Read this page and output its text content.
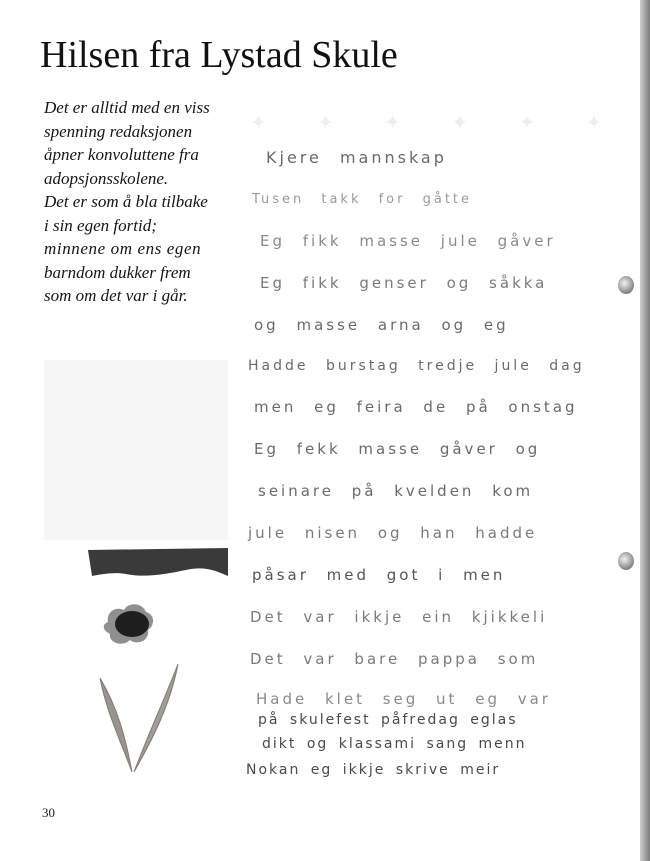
✦ ✦ ✦ ✦ ✦ ✦
Hilsen fra Lystad Skule
Det er alltid med en viss
spenning redaksjonen
åpner konvoluttene fra
adopsjonsskolene.
Det er som å bla tilbake
i sin egen fortid;
minnene om ens egen
barndom dukker frem
som om det var i går.
Kjere mannskap
Tusen takk for gåtte
Eg fikk masse jule gåver
Eg fikk genser og såkka
og masse arna og eg
Hadde burstag tredje jule dag
men eg feira de på onstag
Eg fekk masse gåver og
seinare på kvelden kom
jule nisen og han hadde
påsar med got i men
Det var ikkje ein kjikkeli
Det var bare pappa som
Hade klet seg ut eg var
på skulefest påfredag eglas
dikt og klassami sang menn
Nokan eg ikkje skrive meir
30
